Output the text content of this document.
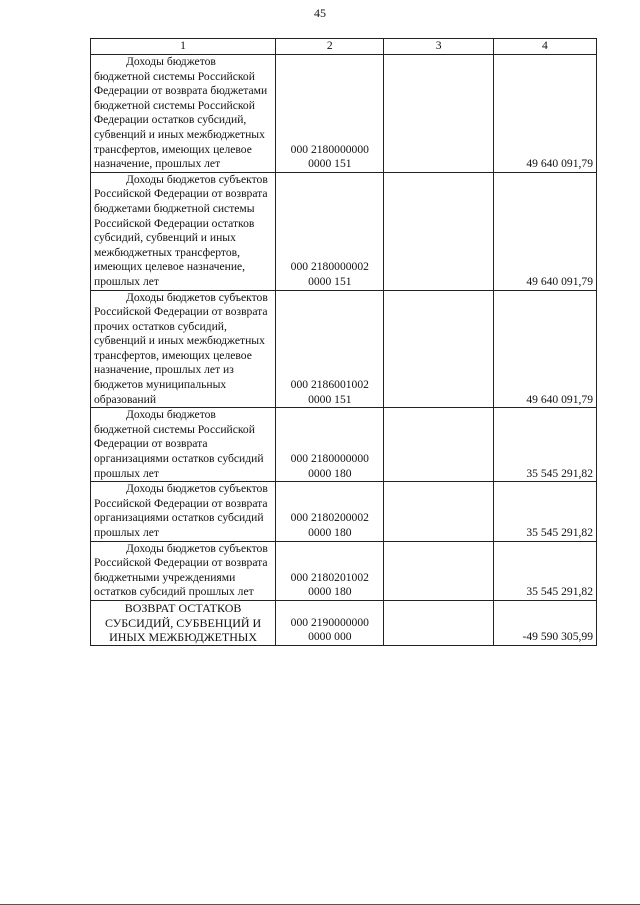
45
1	2	3	4
Доходы бюджетов бюджетной системы Российской Федерации от возврата бюджетами бюджетной системы Российской Федерации остатков субсидий, субвенций и иных межбюджетных трансфертов, имеющих целевое назначение, прошлых лет	000 2180000000
0000 151		49 640 091,79
Доходы бюджетов субъектов Российской Федерации от возврата бюджетами бюджетной системы Российской Федерации остатков субсидий, субвенций и иных межбюджетных трансфертов, имеющих целевое назначение, прошлых лет	000 2180000002
0000 151		49 640 091,79
Доходы бюджетов субъектов Российской Федерации от возврата прочих остатков субсидий, субвенций и иных межбюджетных трансфертов, имеющих целевое назначение, прошлых лет из бюджетов муниципальных образований	000 2186001002
0000 151		49 640 091,79
Доходы бюджетов бюджетной системы Российской Федерации от возврата организациями остатков субсидий прошлых лет	000 2180000000
0000 180		35 545 291,82
Доходы бюджетов субъектов Российской Федерации от возврата организациями остатков субсидий прошлых лет	000 2180200002
0000 180		35 545 291,82
Доходы бюджетов субъектов Российской Федерации от возврата бюджетными учреждениями остатков субсидий прошлых лет	000 2180201002
0000 180		35 545 291,82
ВОЗВРАТ ОСТАТКОВ СУБСИДИЙ, СУБВЕНЦИЙ И ИНЫХ МЕЖБЮДЖЕТНЫХ	000 2190000000
0000 000		-49 590 305,99
